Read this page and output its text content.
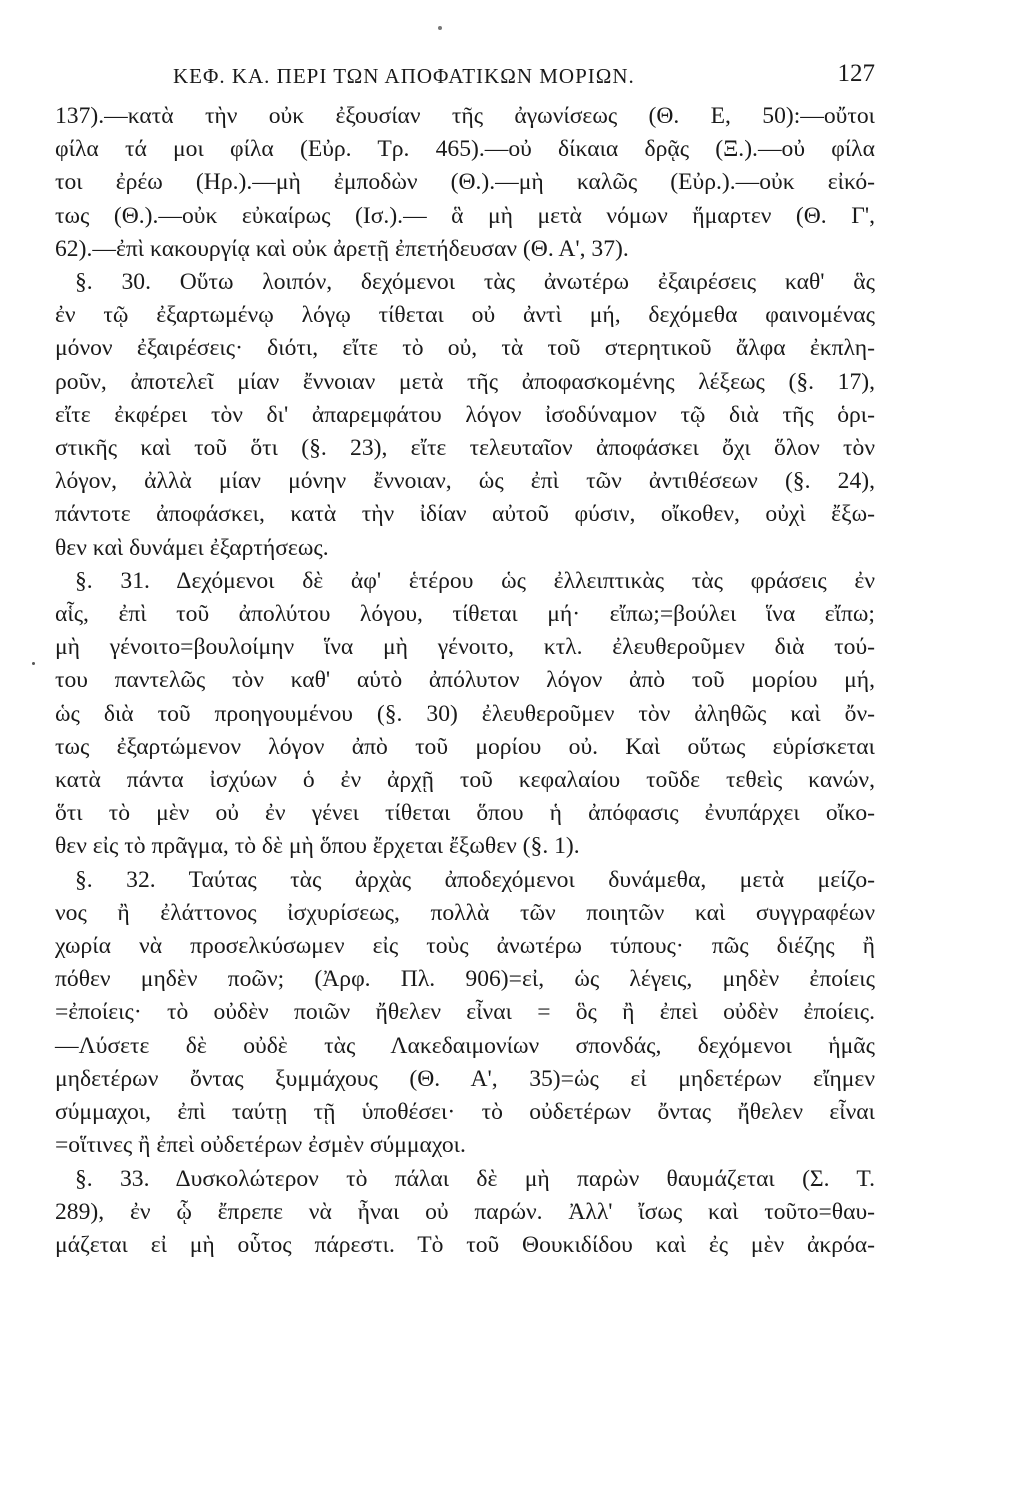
ΚΕΦ. ΚΑ. ΠΕΡΙ ΤΩΝ ΑΠΟΦΑΤΙΚΩΝ ΜΟΡΙΩΝ.	127
137).—κατὰ τὴν οὐκ ἐξουσίαν τῆς ἀγωνίσεως (Θ. Ε, 50):—οὔτοι
φίλα τά μοι φίλα (Εὐρ. Τρ. 465).—οὐ δίκαια δρᾷς (Ξ.).—οὐ φίλα
τοι ἐρέω (Ηρ.).—μὴ ἐμποδὼν (Θ.).—μὴ καλῶς (Εὐρ.).—οὐκ εἰκό-
τως (Θ.).—οὐκ εὐκαίρως (Ισ.).— ἃ μὴ μετὰ νόμων ἥμαρτεν (Θ. Γ',
62).—ἐπὶ κακουργίᾳ καὶ οὐκ ἀρετῇ ἐπετήδευσαν (Θ. Α', 37).
§. 30. Οὕτω λοιπόν, δεχόμενοι τὰς ἀνωτέρω ἐξαιρέσεις καθ' ἃς
ἐν τῷ ἐξαρτωμένῳ λόγῳ τίθεται οὐ ἀντὶ μή, δεχόμεθα φαινομένας
μόνον ἐξαιρέσεις· διότι, εἴτε τὸ οὐ, τὰ τοῦ στερητικοῦ ἄλφα ἐκπλη-
ροῦν, ἀποτελεῖ μίαν ἔννοιαν μετὰ τῆς ἀποφασκομένης λέξεως (§. 17),
εἴτε ἐκφέρει τὸν δι' ἀπαρεμφάτου λόγον ἰσοδύναμον τῷ διὰ τῆς ὁρι-
στικῆς καὶ τοῦ ὅτι (§. 23), εἴτε τελευταῖον ἀποφάσκει ὄχι ὅλον τὸν
λόγον, ἀλλὰ μίαν μόνην ἔννοιαν, ὡς ἐπὶ τῶν ἀντιθέσεων (§. 24),
πάντοτε ἀποφάσκει, κατὰ τὴν ἰδίαν αὐτοῦ φύσιν, οἴκοθεν, οὐχὶ ἔξω-
θεν καὶ δυνάμει ἐξαρτήσεως.
§. 31. Δεχόμενοι δὲ ἀφ' ἑτέρου ὡς ἐλλειπτικὰς τὰς φράσεις ἐν
αἷς, ἐπὶ τοῦ ἀπολύτου λόγου, τίθεται μή· εἴπω;=βούλει ἵνα εἴπω;
μὴ γένοιτο=βουλοίμην ἵνα μὴ γένοιτο, κτλ. ἐλευθεροῦμεν διὰ τού-
του παντελῶς τὸν καθ' αὑτὸ ἀπόλυτον λόγον ἀπὸ τοῦ μορίου μή,
ὡς διὰ τοῦ προηγουμένου (§. 30) ἐλευθεροῦμεν τὸν ἀληθῶς καὶ ὄν-
τως ἐξαρτώμενον λόγον ἀπὸ τοῦ μορίου οὐ. Καὶ οὕτως εὑρίσκεται
κατὰ πάντα ἰσχύων ὁ ἐν ἀρχῇ τοῦ κεφαλαίου τοῦδε τεθεὶς κανών,
ὅτι τὸ μὲν οὐ ἐν γένει τίθεται ὅπου ἡ ἀπόφασις ἐνυπάρχει οἴκο-
θεν εἰς τὸ πρᾶγμα, τὸ δὲ μὴ ὅπου ἔρχεται ἔξωθεν (§. 1).
§. 32. Ταύτας τὰς ἀρχὰς ἀποδεχόμενοι δυνάμεθα, μετὰ μείζο-
νος ἢ ἐλάττονος ἰσχυρίσεως, πολλὰ τῶν ποιητῶν καὶ συγγραφέων
χωρία νὰ προσελκύσωμεν εἰς τοὺς ἀνωτέρω τύπους· πῶς διέζης ἢ
πόθεν μηδὲν ποῶν; (Ἀρφ. Πλ. 906)=εἰ, ὡς λέγεις, μηδὲν ἐποίεις
=ἐποίεις· τὸ οὐδὲν ποιῶν ἤθελεν εἶναι = ὃς ἢ ἐπεὶ οὐδὲν ἐποίεις.
—Λύσετε δὲ οὐδὲ τὰς Λακεδαιμονίων σπονδάς, δεχόμενοι ἡμᾶς
μηδετέρων ὄντας ξυμμάχους (Θ. Α', 35)=ὡς εἰ μηδετέρων εἴημεν
σύμμαχοι, ἐπὶ ταύτῃ τῇ ὑποθέσει· τὸ οὐδετέρων ὄντας ἤθελεν εἶναι
=οἵτινες ἢ ἐπεὶ οὐδετέρων ἐσμὲν σύμμαχοι.
§. 33. Δυσκολώτερον τὸ πάλαι δὲ μὴ παρὼν θαυμάζεται (Σ. Τ.
289), ἐν ᾧ ἔπρεπε νὰ ἦναι οὐ παρών. Ἀλλ' ἴσως καὶ τοῦτο=θαυ-
μάζεται εἰ μὴ οὗτος πάρεστι. Τὸ τοῦ Θουκιδίδου καὶ ἐς μὲν ἀκρόα-
